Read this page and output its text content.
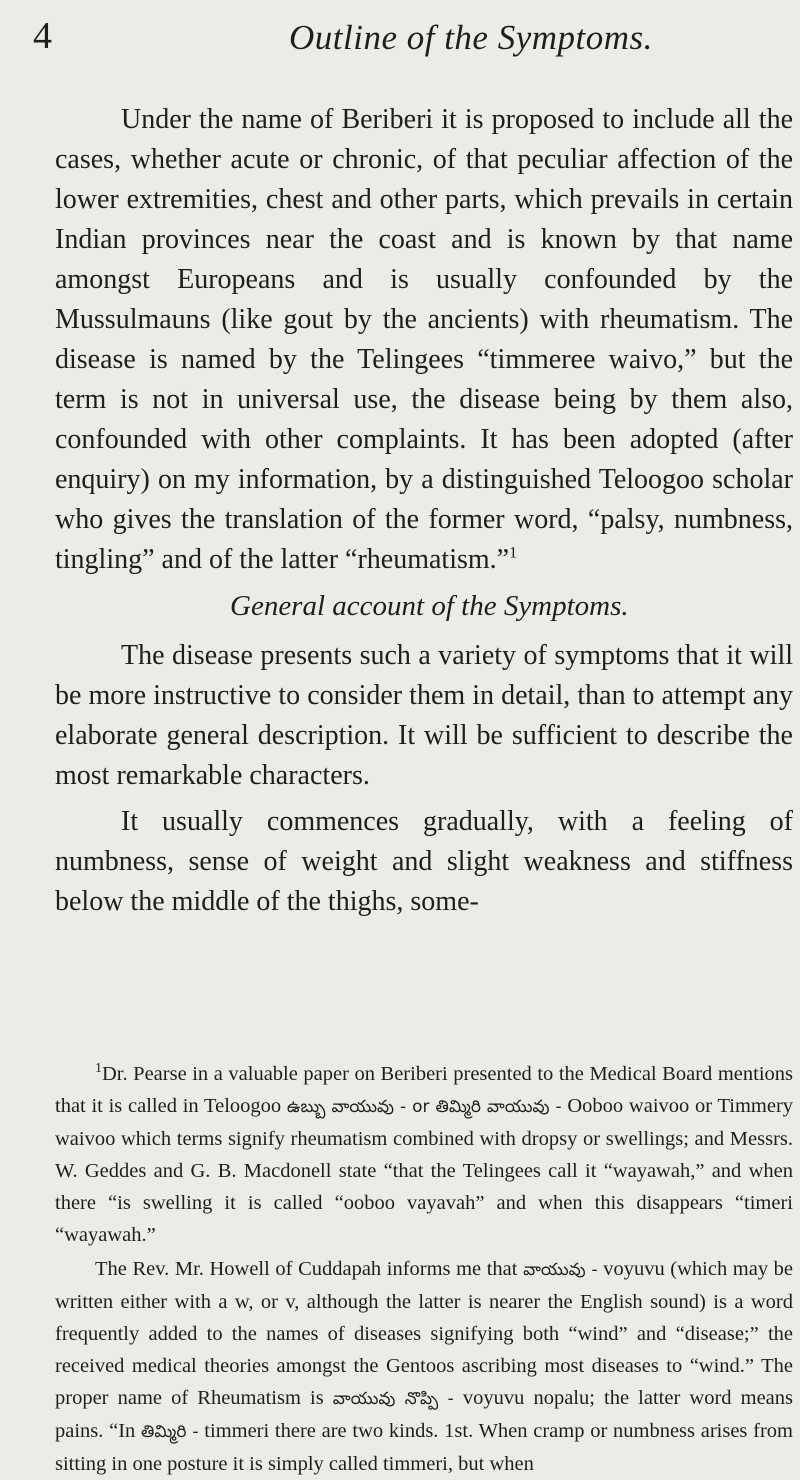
4	Outline of the Symptoms.

Under the name of Beriberi it is proposed to include all the cases, whether acute or chronic, of that peculiar affection of the lower extremities, chest and other parts, which prevails in certain Indian provinces near the coast and is known by that name amongst Europeans and is usually confounded by the Mussulmauns (like gout by the ancients) with rheumatism. The disease is named by the Telingees “timmeree waivo,” but the term is not in universal use, the disease being by them also, confounded with other complaints. It has been adopted (after enquiry) on my information, by a distinguished Teloogoo scholar who gives the translation of the former word, “palsy, numbness, tingling” and of the latter “rheumatism.”$^1$

General account of the Symptoms.

The disease presents such a variety of symptoms that it will be more instructive to consider them in detail, than to attempt any elaborate general description. It will be sufficient to describe the most remarkable characters.

It usually commences gradually, with a feeling of numbness, sense of weight and slight weakness and stiffness below the middle of the thighs, some-

$^1$Dr. Pearse in a valuable paper on Beriberi presented to the Medical Board mentions that it is called in Teloogoo ఉబ్బు వాయువు - or తిమ్మిరి వాయువు - Ooboo waivoo or Timmery waivoo which terms signify rheumatism combined with dropsy or swellings; and Messrs. W. Geddes and G. B. Macdonell state “that the Telingees call it “wayawah,” and when there “is swelling it is called “ooboo vayavah” and when this disappears “timeri “wayawah.”

The Rev. Mr. Howell of Cuddapah informs me that వాయువు - voyuvu (which may be written either with a w, or v, although the latter is nearer the English sound) is a word frequently added to the names of diseases signifying both “wind” and “disease;” the received medical theories amongst the Gentoos ascribing most diseases to “wind.” The proper name of Rheumatism is వాయువు నొప్పి - voyuvu nopalu; the latter word means pains. “In తిమ్మిరి - timmeri there are two kinds. 1st. When cramp or numbness arises from sitting in one posture it is simply called timmeri, but when
